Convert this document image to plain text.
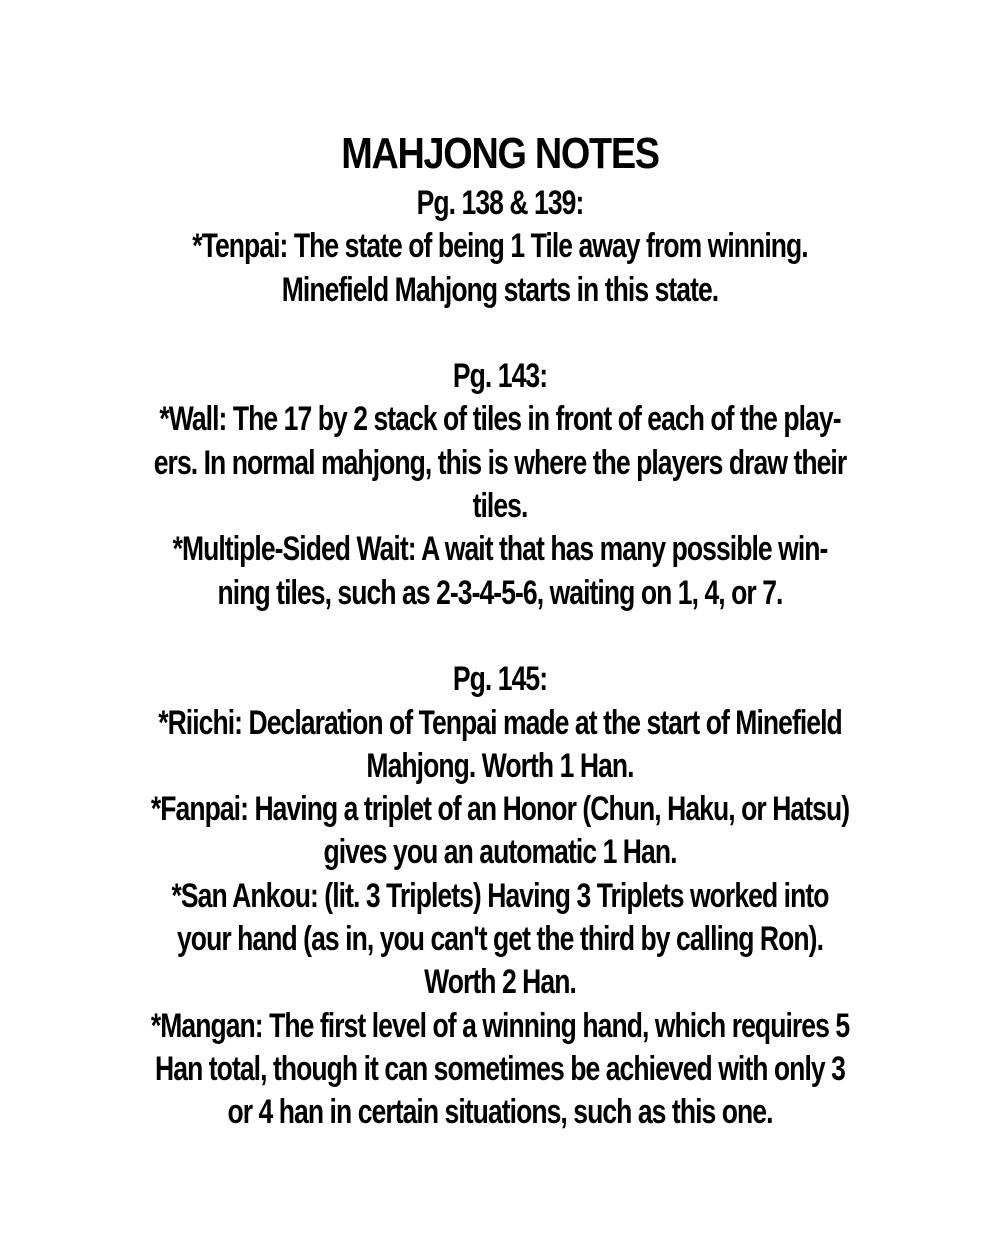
MAHJONG NOTES
Pg. 138 & 139:
*Tenpai: The state of being 1 Tile away from winning.
Minefield Mahjong starts in this state.
Pg. 143:
*Wall: The 17 by 2 stack of tiles in front of each of the play-
ers. In normal mahjong, this is where the players draw their
tiles.
*Multiple-Sided Wait: A wait that has many possible win-
ning tiles, such as 2-3-4-5-6, waiting on 1, 4, or 7.
Pg. 145:
*Riichi: Declaration of Tenpai made at the start of Minefield
Mahjong. Worth 1 Han.
*Fanpai: Having a triplet of an Honor (Chun, Haku, or Hatsu)
gives you an automatic 1 Han.
*San Ankou: (lit. 3 Triplets) Having 3 Triplets worked into
your hand (as in, you can't get the third by calling Ron).
Worth 2 Han.
*Mangan: The first level of a winning hand, which requires 5
Han total, though it can sometimes be achieved with only 3
or 4 han in certain situations, such as this one.
